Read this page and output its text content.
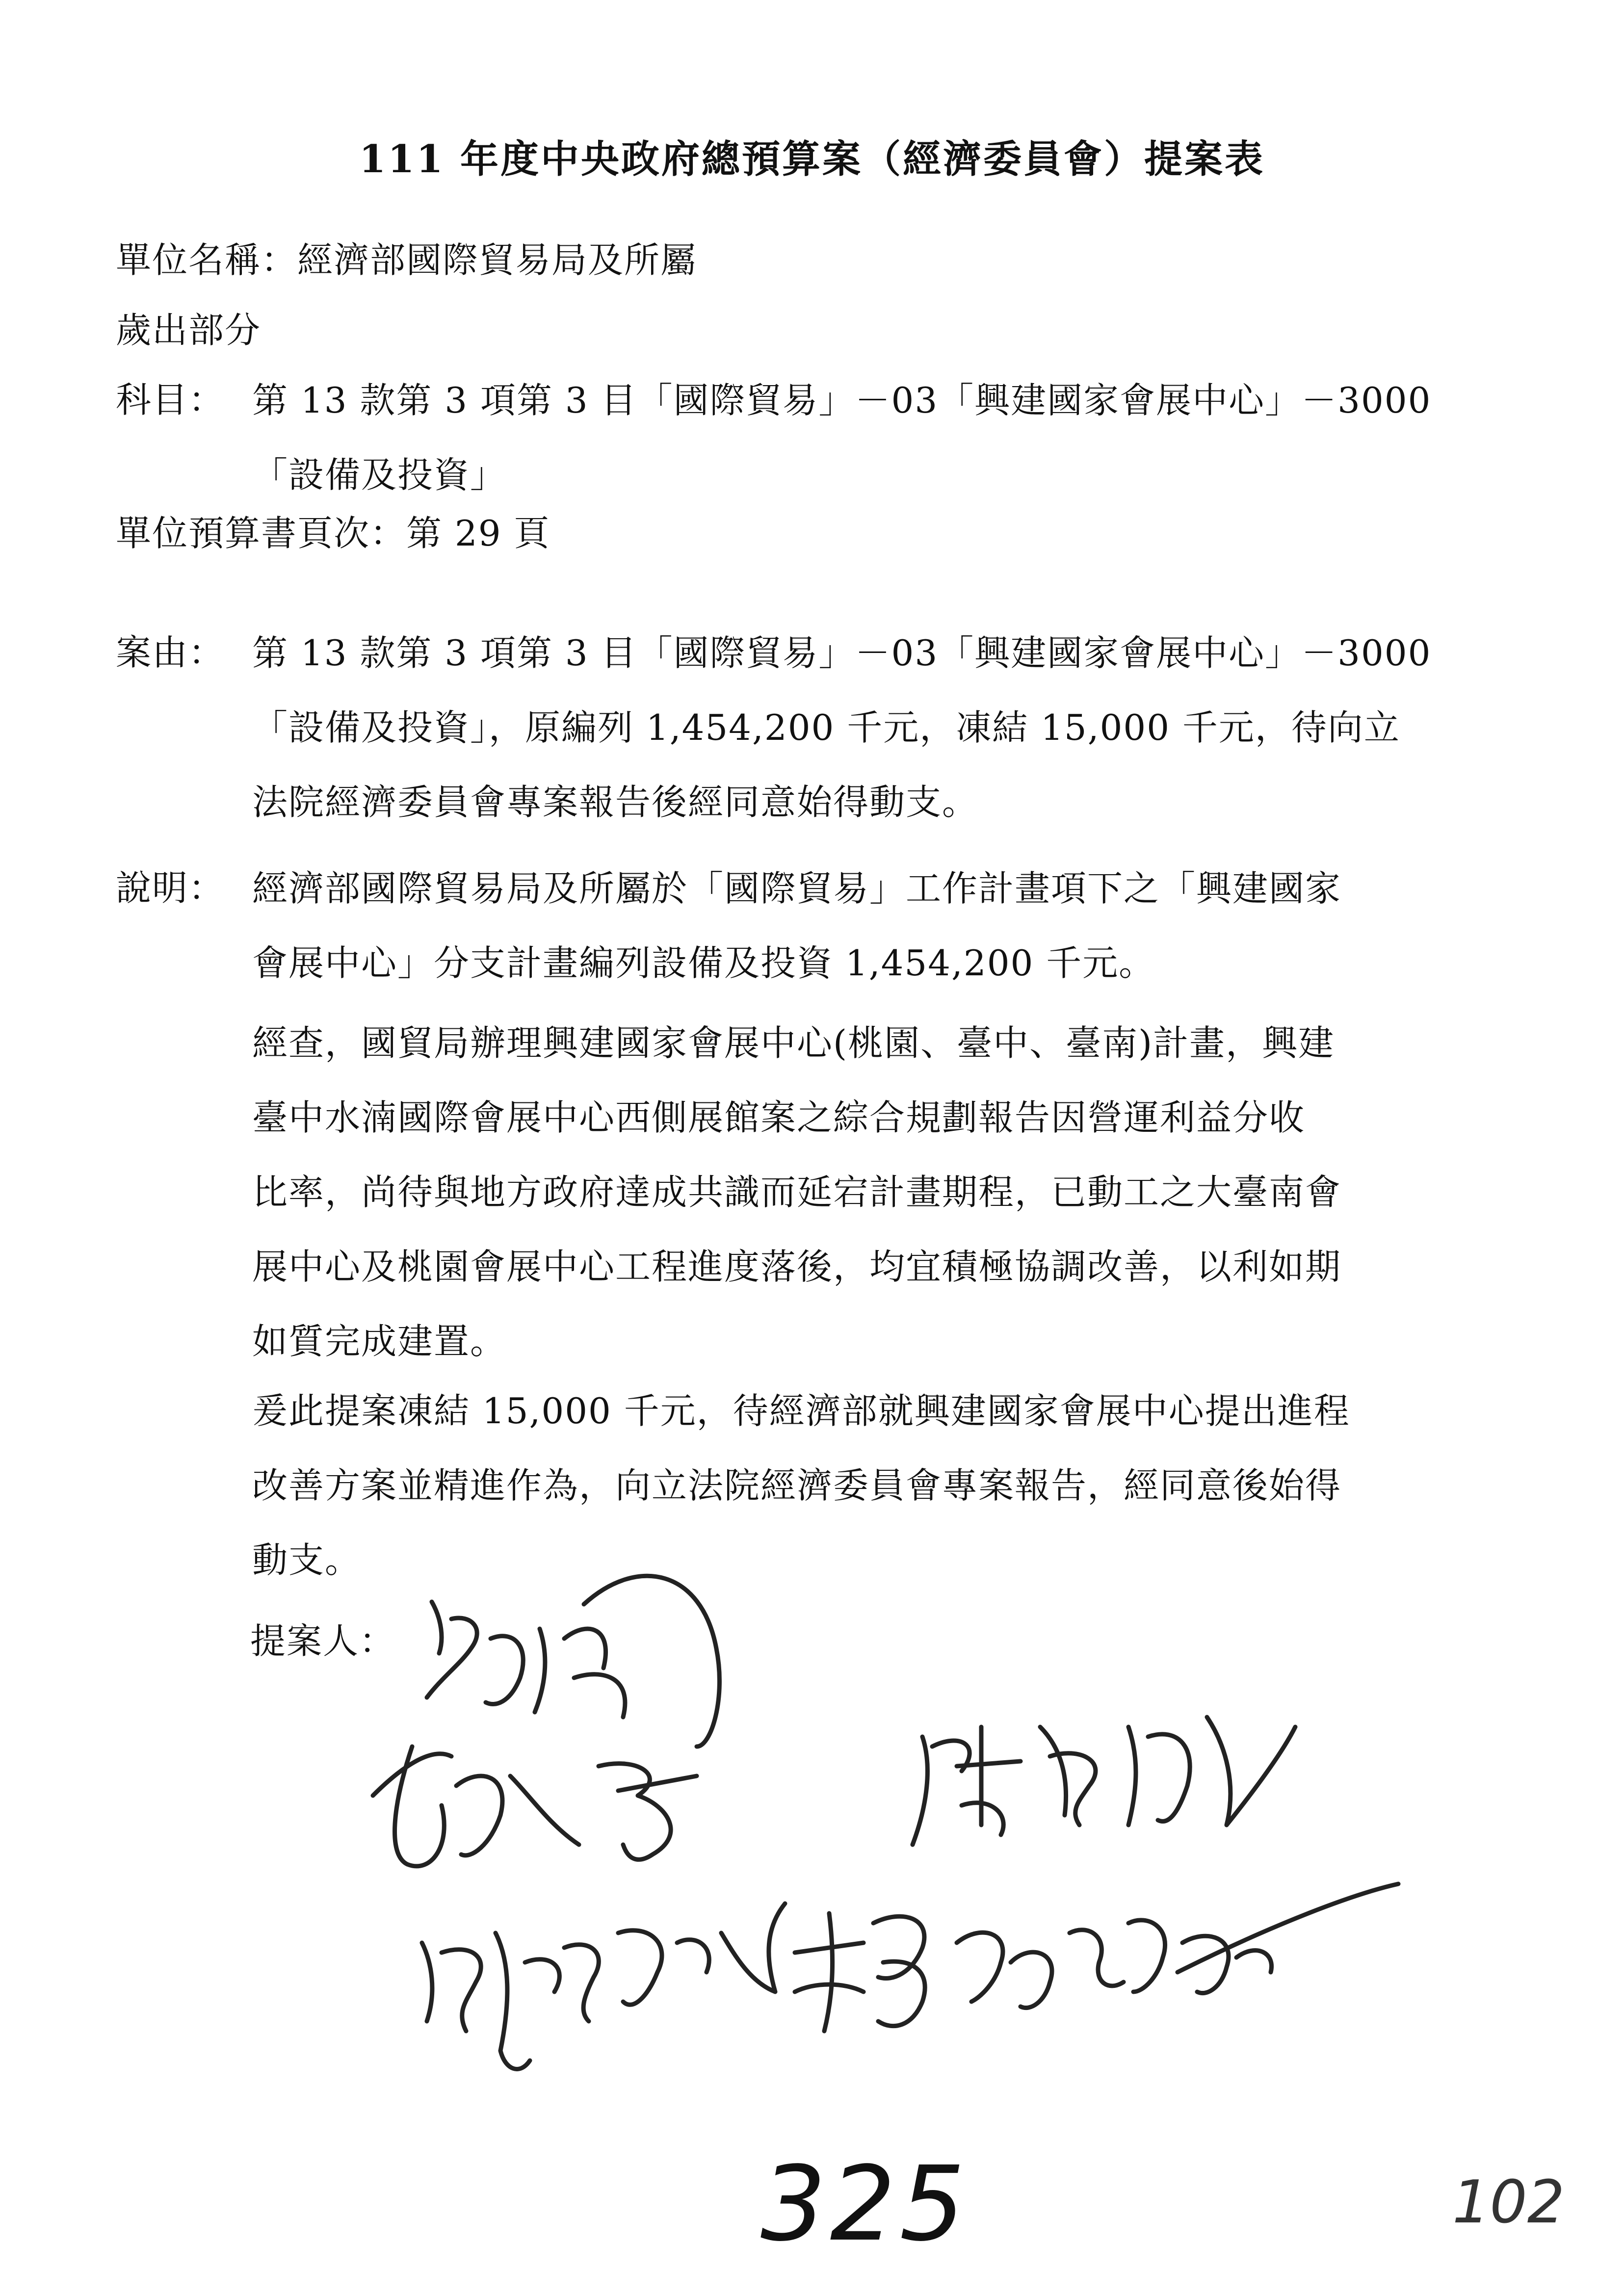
111 年度中央政府總預算案（經濟委員會）提案表
單位名稱：經濟部國際貿易局及所屬
歲出部分
科目： 第 13 款第 3 項第 3 目「國際貿易」－03「興建國家會展中心」－3000
「設備及投資」
單位預算書頁次：第 29 頁
案由： 第 13 款第 3 項第 3 目「國際貿易」－03「興建國家會展中心」－3000
「設備及投資」，原編列 1,454,200 千元，凍結 15,000 千元，待向立
法院經濟委員會專案報告後經同意始得動支。
說明： 經濟部國際貿易局及所屬於「國際貿易」工作計畫項下之「興建國家
會展中心」分支計畫編列設備及投資 1,454,200 千元。
經查，國貿局辦理興建國家會展中心(桃園、臺中、臺南)計畫，興建
臺中水湳國際會展中心西側展館案之綜合規劃報告因營運利益分收
比率，尚待與地方政府達成共識而延宕計畫期程，已動工之大臺南會
展中心及桃園會展中心工程進度落後，均宜積極協調改善，以利如期
如質完成建置。
爰此提案凍結 15,000 千元，待經濟部就興建國家會展中心提出進程
改善方案並精進作為，向立法院經濟委員會專案報告，經同意後始得
動支。
提案人：
325	102
